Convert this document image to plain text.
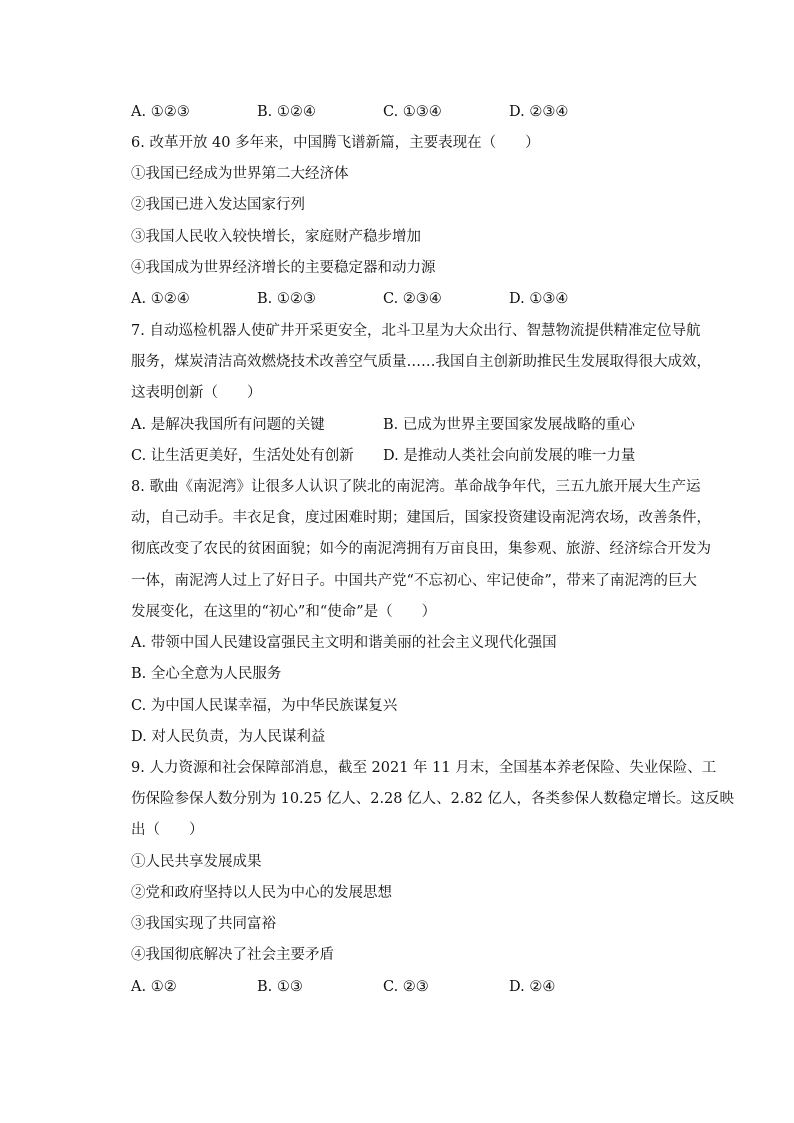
A. ①②③	B. ①②④	C. ①③④	D. ②③④
6. 改革开放 40 多年来，中国腾飞谱新篇，主要表现在（　　）
①我国已经成为世界第二大经济体
②我国已进入发达国家行列
③我国人民收入较快增长，家庭财产稳步增加
④我国成为世界经济增长的主要稳定器和动力源
A. ①②④	B. ①②③	C. ②③④	D. ①③④
7. 自动巡检机器人使矿井开采更安全，北斗卫星为大众出行、智慧物流提供精准定位导航
服务，煤炭清洁高效燃烧技术改善空气质量……我国自主创新助推民生发展取得很大成效，
这表明创新（　　）
A. 是解决我国所有问题的关键	B. 已成为世界主要国家发展战略的重心
C. 让生活更美好，生活处处有创新 D. 是推动人类社会向前发展的唯一力量
8. 歌曲《南泥湾》让很多人认识了陕北的南泥湾。革命战争年代，三五九旅开展大生产运
动，自己动手。丰衣足食，度过困难时期；建国后，国家投资建设南泥湾农场，改善条件，
彻底改变了农民的贫困面貌；如今的南泥湾拥有万亩良田，集参观、旅游、经济综合开发为
一体，南泥湾人过上了好日子。中国共产党“不忘初心、牢记使命”，带来了南泥湾的巨大
发展变化，在这里的“初心”和“使命”是（　　）
A. 带领中国人民建设富强民主文明和谐美丽的社会主义现代化强国
B. 全心全意为人民服务
C. 为中国人民谋幸福，为中华民族谋复兴
D. 对人民负责，为人民谋利益
9. 人力资源和社会保障部消息，截至 2021 年 11 月末，全国基本养老保险、失业保险、工
伤保险参保人数分别为 10.25 亿人、2.28 亿人、2.82 亿人，各类参保人数稳定增长。这反映
出（　　）
①人民共享发展成果
②党和政府坚持以人民为中心的发展思想
③我国实现了共同富裕
④我国彻底解决了社会主要矛盾
A. ①②	B. ①③	C. ②③	D. ②④
